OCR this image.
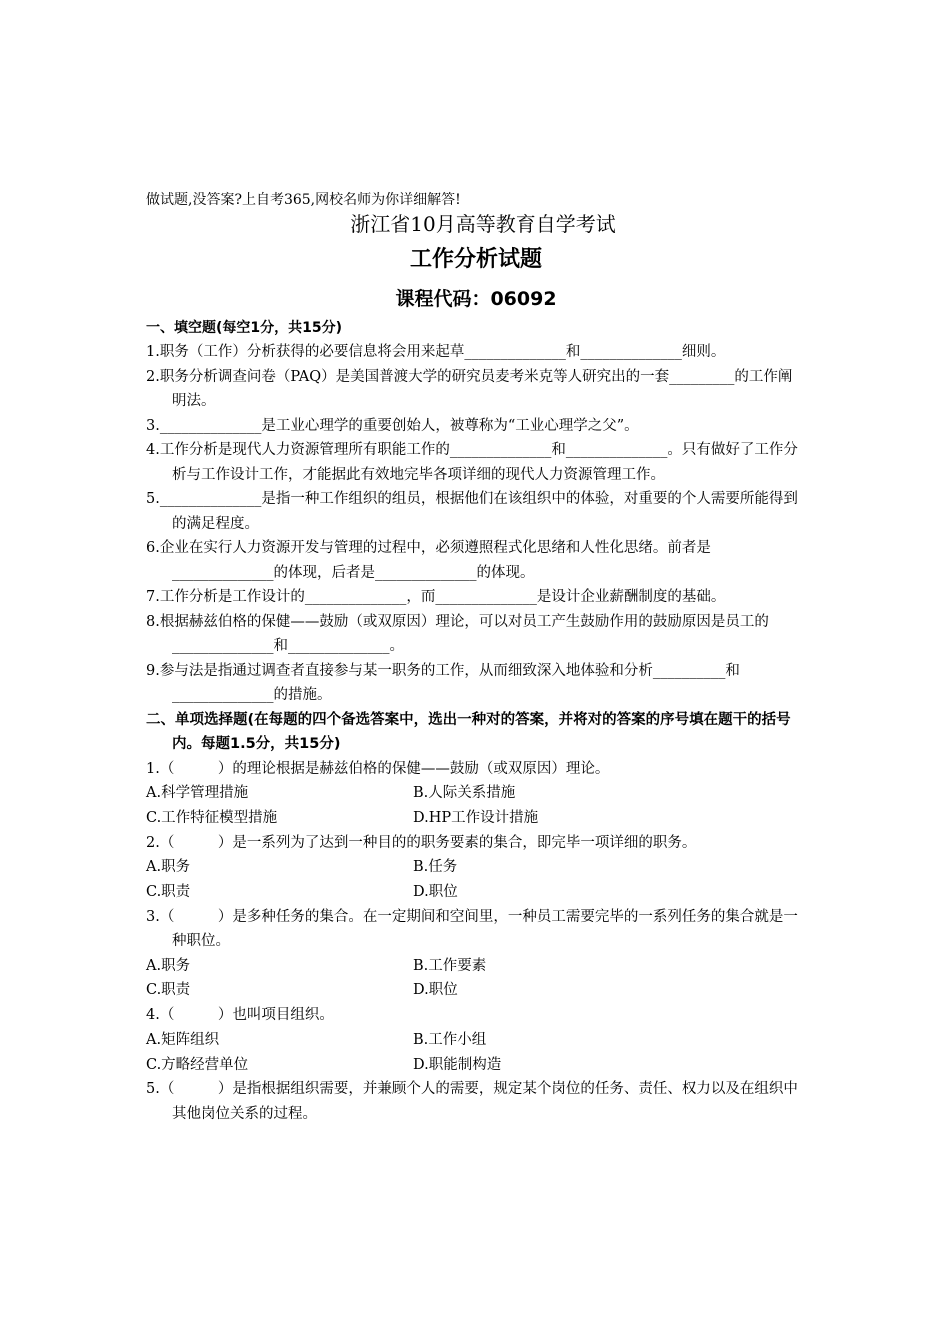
做试题,没答案?上自考365,网校名师为你详细解答!
浙江省10月高等教育自学考试
工作分析试题
课程代码：06092
一、填空题(每空1分，共15分)
1.职务（工作）分析获得的必要信息将会用来起草______________和______________细则。
2.职务分析调查问卷（PAQ）是美国普渡大学的研究员麦考米克等人研究出的一套_________的工作阐明法。
3.______________是工业心理学的重要创始人，被尊称为“工业心理学之父”。
4.工作分析是现代人力资源管理所有职能工作的______________和______________。只有做好了工作分析与工作设计工作，才能据此有效地完毕各项详细的现代人力资源管理工作。
5.______________是指一种工作组织的组员，根据他们在该组织中的体验，对重要的个人需要所能得到的满足程度。
6.企业在实行人力资源开发与管理的过程中，必须遵照程式化思绪和人性化思绪。前者是______________的体现，后者是______________的体现。
7.工作分析是工作设计的______________，而______________是设计企业薪酬制度的基础。
8.根据赫兹伯格的保健——鼓励（或双原因）理论，可以对员工产生鼓励作用的鼓励原因是员工的______________和______________。
9.参与法是指通过调查者直接参与某一职务的工作，从而细致深入地体验和分析__________和______________的措施。
二、单项选择题(在每题的四个备选答案中，选出一种对的答案，并将对的答案的序号填在题干的括号内。每题1.5分，共15分)
1.（　　　）的理论根据是赫兹伯格的保健——鼓励（或双原因）理论。
A.科学管理措施	B.人际关系措施
C.工作特征模型措施	D.HP工作设计措施
2.（　　　）是一系列为了达到一种目的的职务要素的集合，即完毕一项详细的职务。
A.职务	B.任务
C.职责	D.职位
3.（　　　）是多种任务的集合。在一定期间和空间里，一种员工需要完毕的一系列任务的集合就是一种职位。
A.职务	B.工作要素
C.职责	D.职位
4.（　　　）也叫项目组织。
A.矩阵组织	B.工作小组
C.方略经营单位	D.职能制构造
5.（　　　）是指根据组织需要，并兼顾个人的需要，规定某个岗位的任务、责任、权力以及在组织中其他岗位关系的过程。
